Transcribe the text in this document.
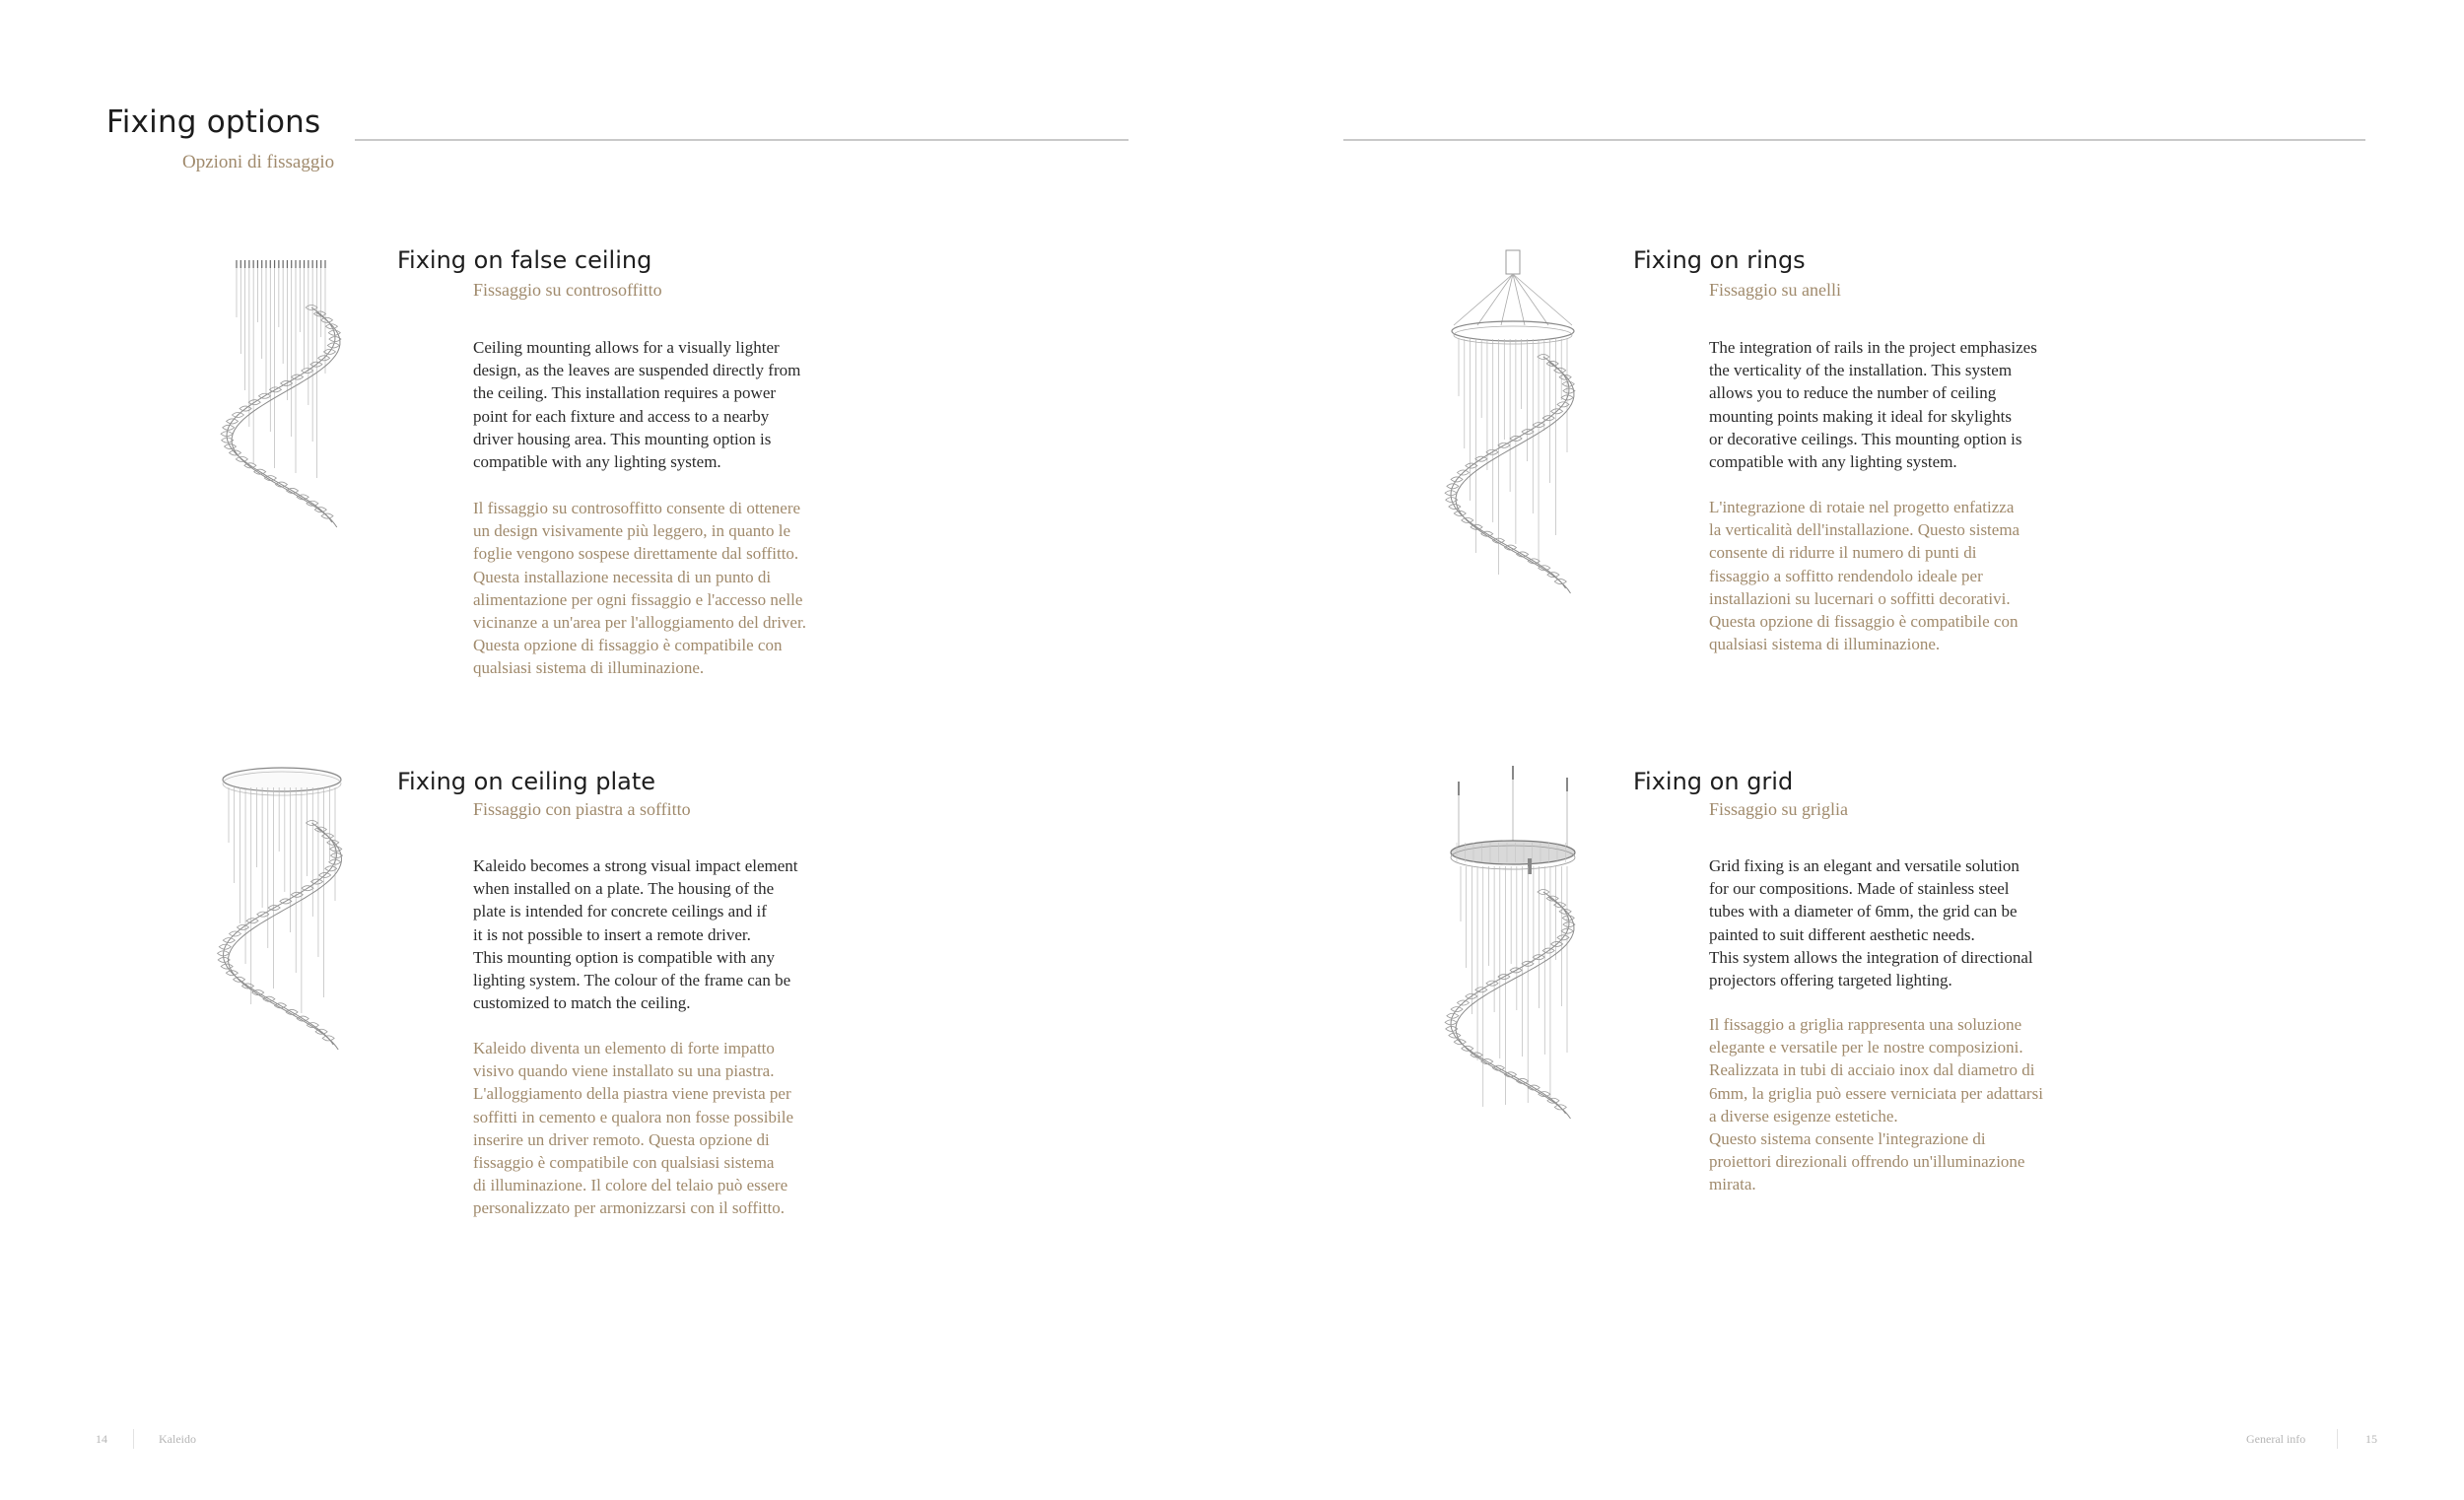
Fixing options
Opzioni di fissaggio
Fixing on false ceiling
Fissaggio su controsoffitto
Ceiling mounting allows for a visually lighter
design, as the leaves are suspended directly from
the ceiling. This installation requires a power
point for each fixture and access to a nearby
driver housing area. This mounting option is
compatible with any lighting system.
Il fissaggio su controsoffitto consente di ottenere
un design visivamente più leggero, in quanto le
foglie vengono sospese direttamente dal soffitto.
Questa installazione necessita di un punto di
alimentazione per ogni fissaggio e l'accesso nelle
vicinanze a un'area per l'alloggiamento del driver.
Questa opzione di fissaggio è compatibile con
qualsiasi sistema di illuminazione.
Fixing on rings
Fissaggio su anelli
The integration of rails in the project emphasizes
the verticality of the installation. This system
allows you to reduce the number of ceiling
mounting points making it ideal for skylights
or decorative ceilings. This mounting option is
compatible with any lighting system.
L'integrazione di rotaie nel progetto enfatizza
la verticalità dell'installazione. Questo sistema
consente di ridurre il numero di punti di
fissaggio a soffitto rendendolo ideale per
installazioni su lucernari o soffitti decorativi.
Questa opzione di fissaggio è compatibile con
qualsiasi sistema di illuminazione.
Fixing on ceiling plate
Fissaggio con piastra a soffitto
Kaleido becomes a strong visual impact element
when installed on a plate. The housing of the
plate is intended for concrete ceilings and if
it is not possible to insert a remote driver.
This mounting option is compatible with any
lighting system. The colour of the frame can be
customized to match the ceiling.
Kaleido diventa un elemento di forte impatto
visivo quando viene installato su una piastra.
L'alloggiamento della piastra viene prevista per
soffitti in cemento e qualora non fosse possibile
inserire un driver remoto. Questa opzione di
fissaggio è compatibile con qualsiasi sistema
di illuminazione. Il colore del telaio può essere
personalizzato per armonizzarsi con il soffitto.
Fixing on grid
Fissaggio su griglia
Grid fixing is an elegant and versatile solution
for our compositions. Made of stainless steel
tubes with a diameter of 6mm, the grid can be
painted to suit different aesthetic needs.
This system allows the integration of directional
projectors offering targeted lighting.
Il fissaggio a griglia rappresenta una soluzione
elegante e versatile per le nostre composizioni.
Realizzata in tubi di acciaio inox dal diametro di
6mm, la griglia può essere verniciata per adattarsi
a diverse esigenze estetiche.
Questo sistema consente l'integrazione di
proiettori direzionali offrendo un'illuminazione
mirata.
14	Kaleido	General info	15
